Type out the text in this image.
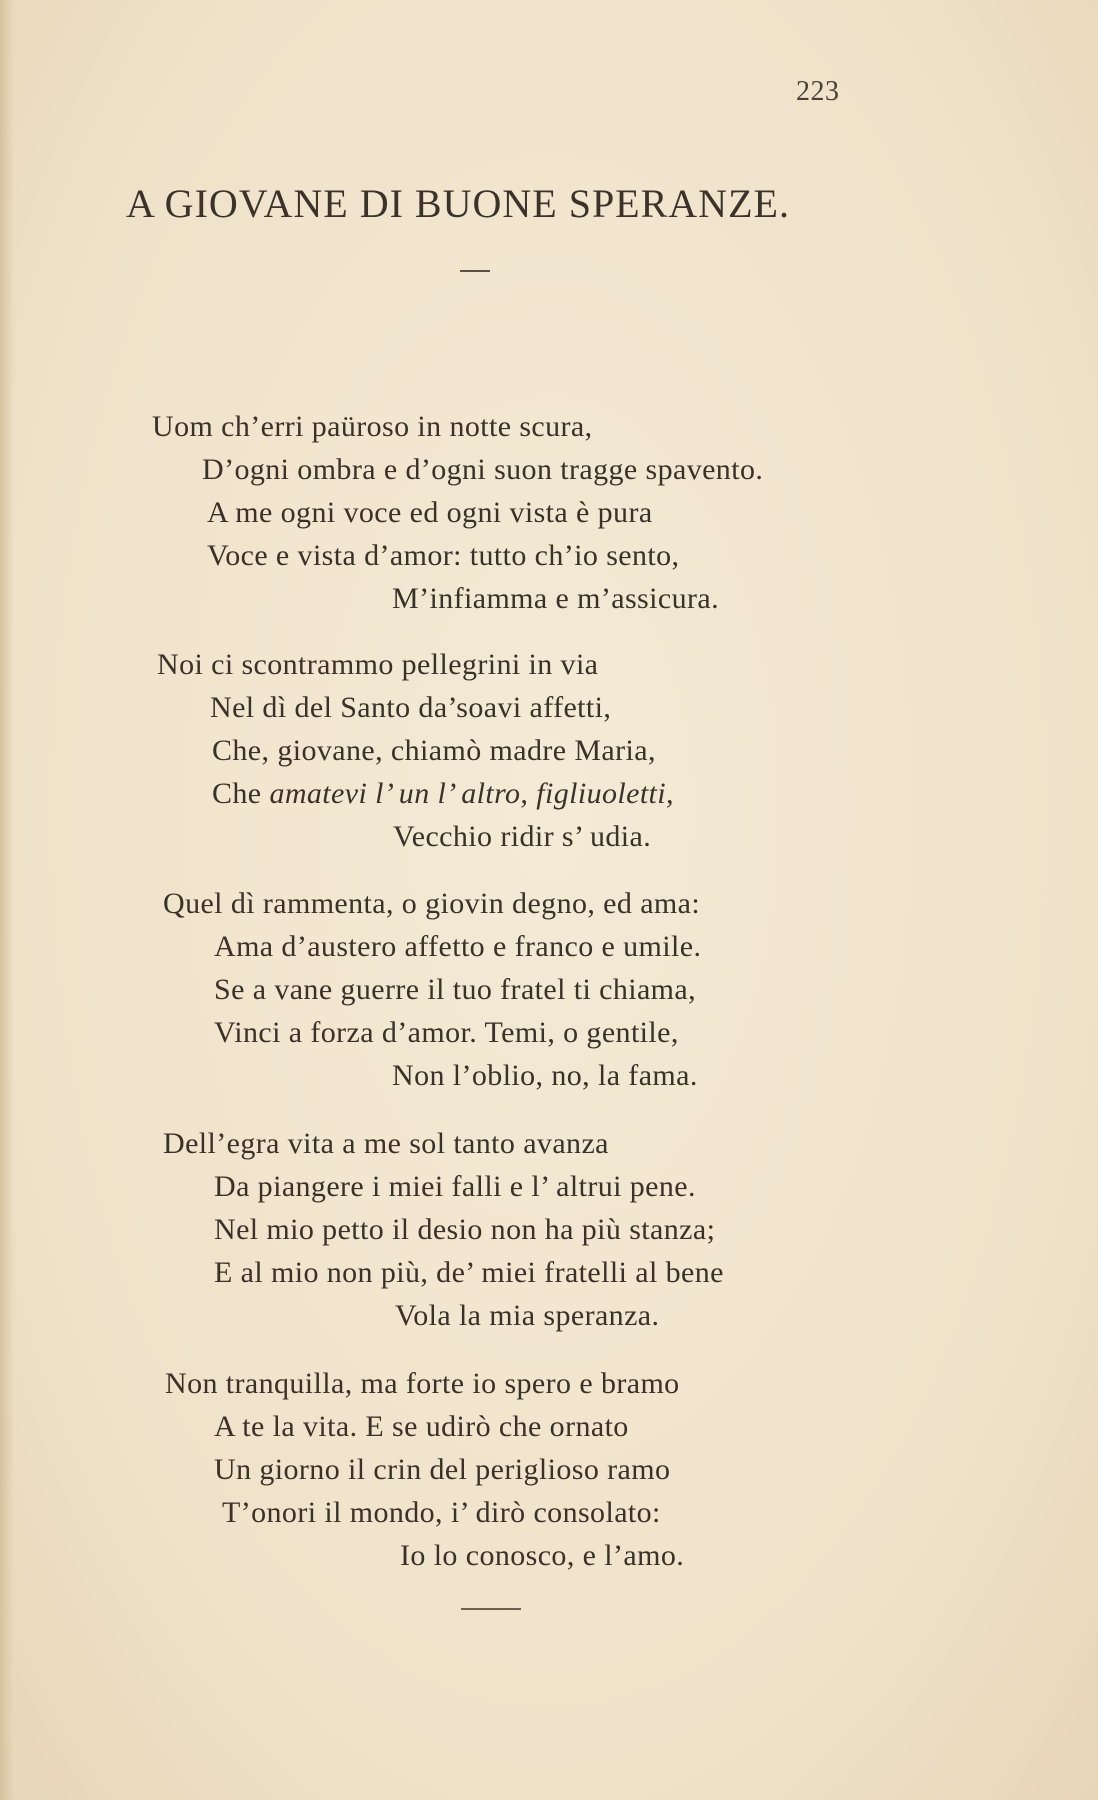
223
A GIOVANE DI BUONE SPERANZE.
Uom ch’erri paüroso in notte scura,
D’ogni ombra e d’ogni suon tragge spavento.
A me ogni voce ed ogni vista è pura
Voce e vista d’amor: tutto ch’io sento,
M’infiamma e m’assicura.
Noi ci scontrammo pellegrini in via
Nel dì del Santo da’soavi affetti,
Che, giovane, chiamò madre Maria,
Che amatevi l’ un l’ altro, figliuoletti,
Vecchio ridir s’ udia.
Quel dì rammenta, o giovin degno, ed ama:
Ama d’austero affetto e franco e umile.
Se a vane guerre il tuo fratel ti chiama,
Vinci a forza d’amor. Temi, o gentile,
Non l’oblio, no, la fama.
Dell’egra vita a me sol tanto avanza
Da piangere i miei falli e l’ altrui pene.
Nel mio petto il desio non ha più stanza;
E al mio non più, de’ miei fratelli al bene
Vola la mia speranza.
Non tranquilla, ma forte io spero e bramo
A te la vita. E se udirò che ornato
Un giorno il crin del periglioso ramo
T’onori il mondo, i’ dirò consolato:
Io lo conosco, e l’amo.
